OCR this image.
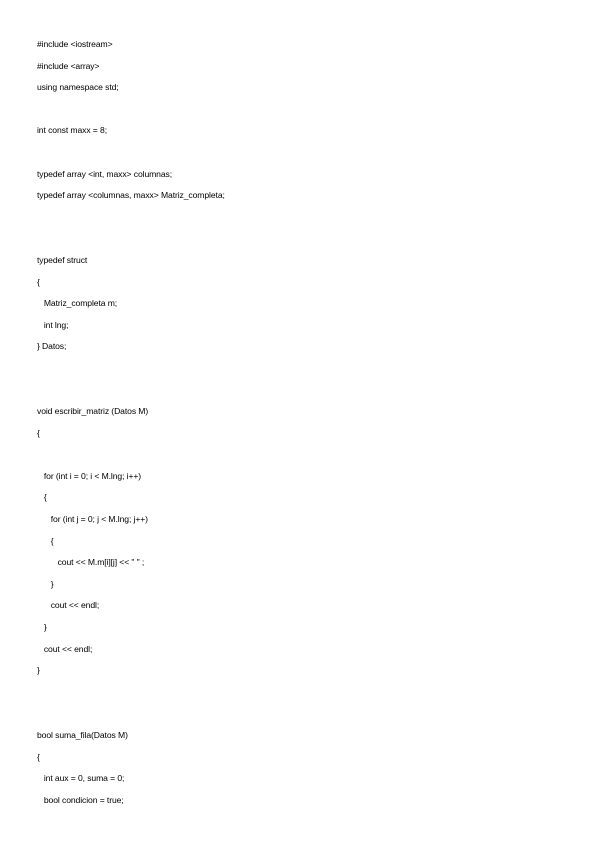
#include <iostream>
#include <array>
using namespace std;
int const maxx = 8;
typedef array <int, maxx> columnas;
typedef array <columnas, maxx> Matriz_completa;
typedef struct
{
Matriz_completa m;
int lng;
} Datos;
void escribir_matriz (Datos M)
{
for (int i = 0; i < M.lng; i++)
{
for (int j = 0; j < M.lng; j++)
{
cout << M.m[i][j] << " " ;
}
cout << endl;
}
cout << endl;
}
bool suma_fila(Datos M)
{
int aux = 0, suma = 0;
bool condicion = true;
